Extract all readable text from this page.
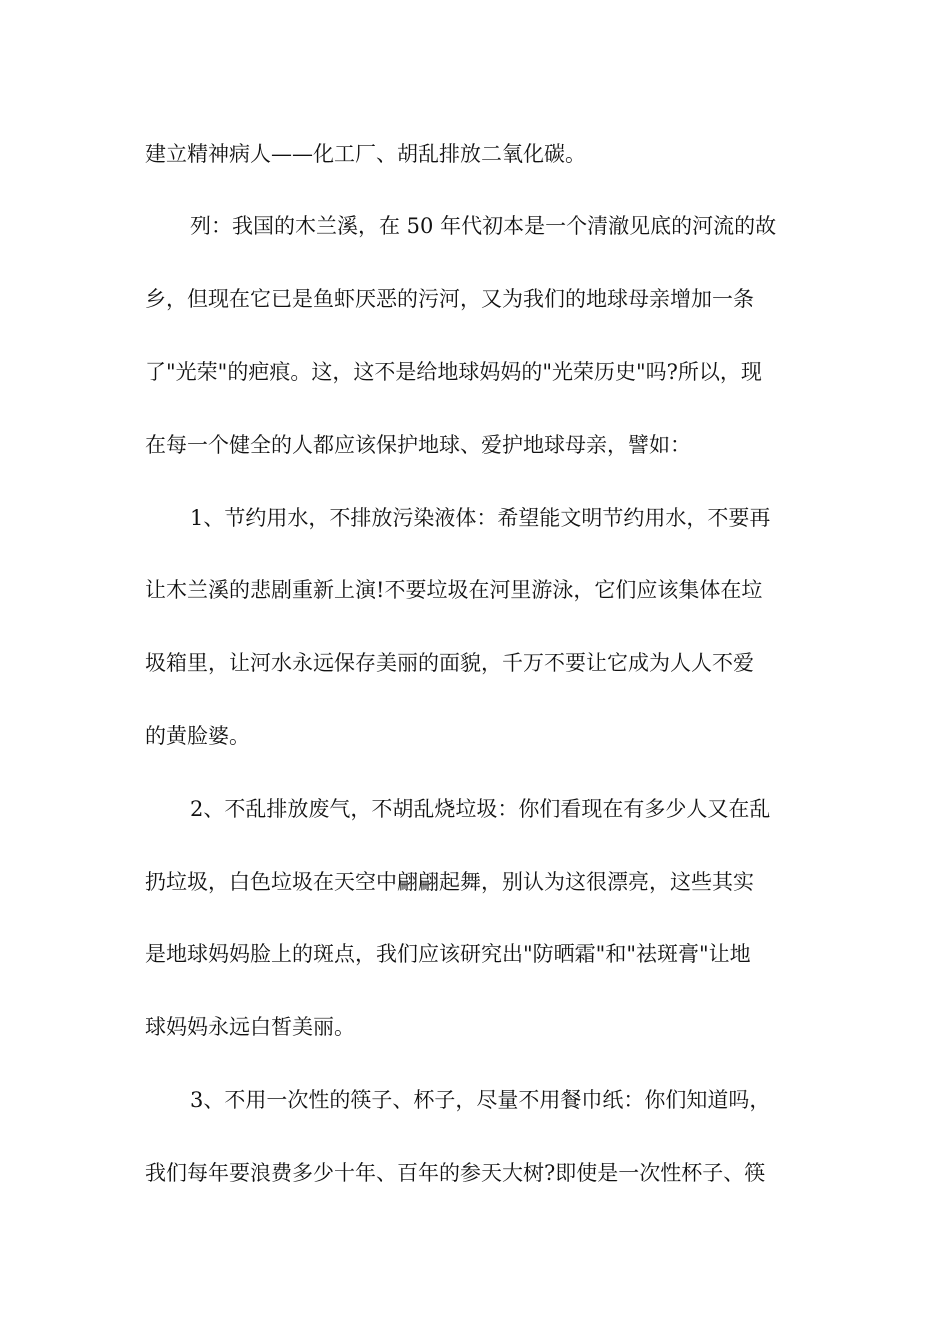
建立精神病人——化工厂、胡乱排放二氧化碳。
列：我国的木兰溪，在 50 年代初本是一个清澈见底的河流的故
乡，但现在它已是鱼虾厌恶的污河，又为我们的地球母亲增加一条
了"光荣"的疤痕。这，这不是给地球妈妈的"光荣历史"吗?所以，现
在每一个健全的人都应该保护地球、爱护地球母亲，譬如：
1、节约用水，不排放污染液体：希望能文明节约用水，不要再
让木兰溪的悲剧重新上演!不要垃圾在河里游泳，它们应该集体在垃
圾箱里，让河水永远保存美丽的面貌，千万不要让它成为人人不爱
的黄脸婆。
2、不乱排放废气，不胡乱烧垃圾：你们看现在有多少人又在乱
扔垃圾，白色垃圾在天空中翩翩起舞，别认为这很漂亮，这些其实
是地球妈妈脸上的斑点，我们应该研究出"防晒霜"和"祛斑膏"让地
球妈妈永远白皙美丽。
3、不用一次性的筷子、杯子，尽量不用餐巾纸：你们知道吗，
我们每年要浪费多少十年、百年的参天大树?即使是一次性杯子、筷
